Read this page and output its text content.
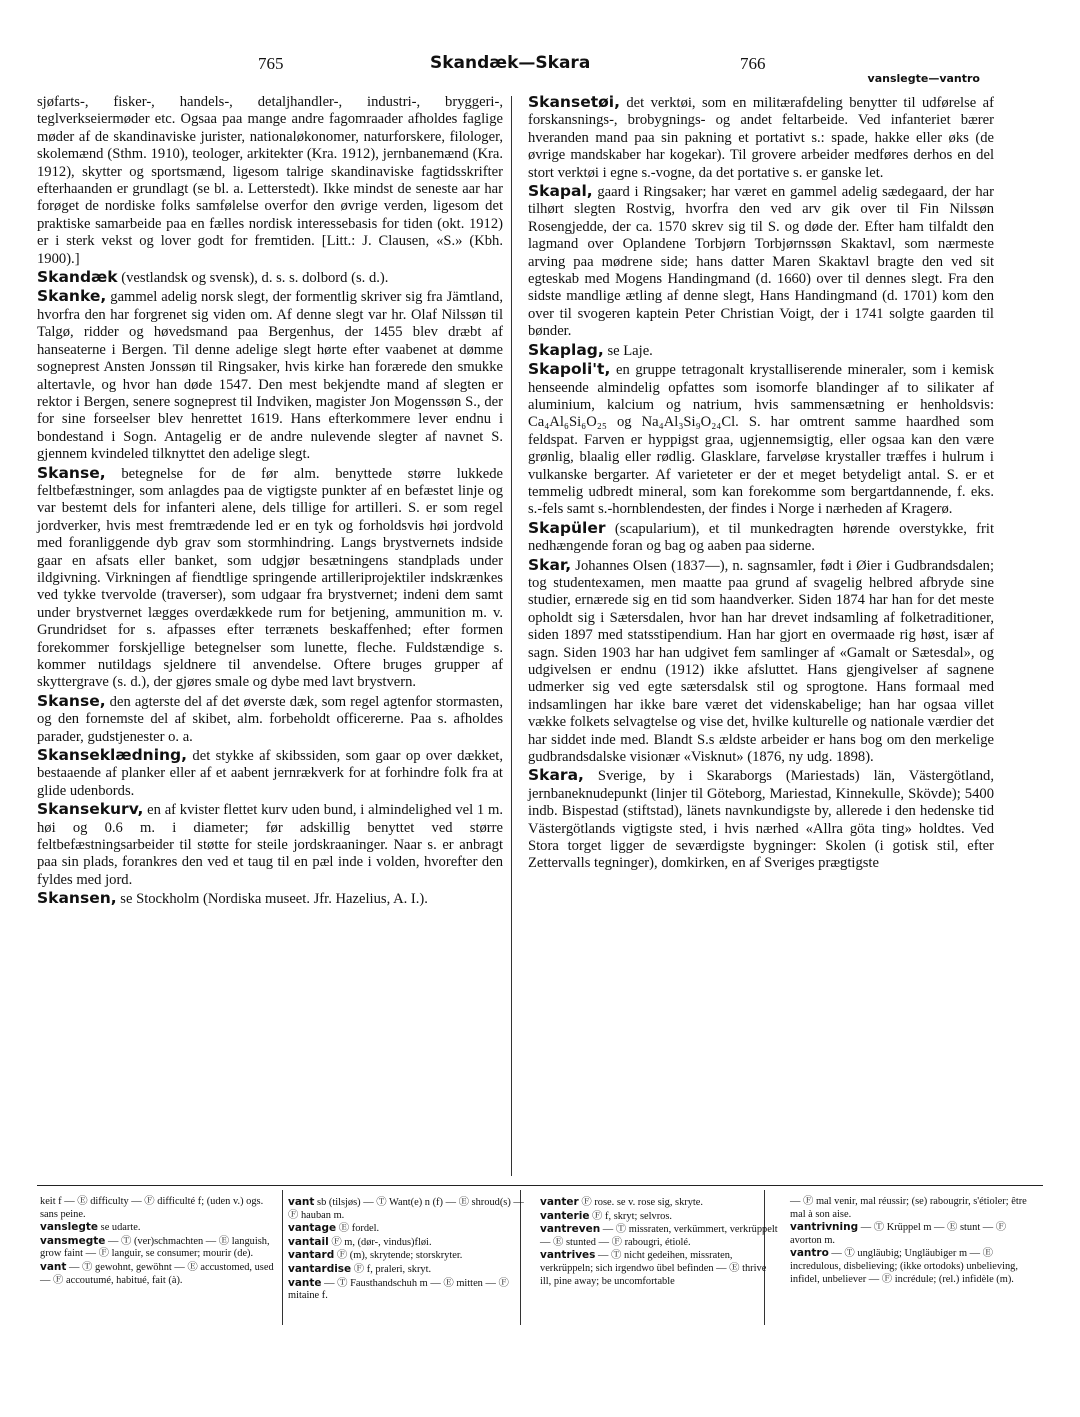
765	Skandæk—Skara	766
vanslegte—vantro

sjøfarts-, fisker-, handels-, detaljhandler-, industri-, bryggeri-, teglverkseiermøder etc. Ogsaa paa mange andre fagomraader afholdes faglige møder af de skandinaviske jurister, nationaløkonomer, naturforskere, filologer, skolemænd (Sthm. 1910), teologer, arkitekter (Kra. 1912), jernbanemænd (Kra. 1912), skytter og sportsmænd, ligesom talrige skandinaviske fagtidsskrifter efterhaanden er grundlagt (se bl. a. Letterstedt). Ikke mindst de seneste aar har forøget de nordiske folks samfølelse overfor den øvrige verden, ligesom det praktiske samarbeide paa en fælles nordisk interessebasis for tiden (okt. 1912) er i sterk vekst og lover godt for fremtiden. [Litt.: J. Clausen, «S.» (Kbh. 1900).]

Skandæk (vestlandsk og svensk), d. s. s. dolbord (s. d.).

Skanke, gammel adelig norsk slegt, der formentlig skriver sig fra Jämtland, hvorfra den har forgrenet sig viden om. Af denne slegt var hr. Olaf Nilssøn til Talgø, ridder og høvedsmand paa Bergenhus, der 1455 blev dræbt af hanseaterne i Bergen. Til denne adelige slegt hørte efter vaabenet at dømme sogneprest Ansten Jonssøn til Ringsaker, hvis kirke han forærede den smukke altertavle, og hvor han døde 1547. Den mest bekjendte mand af slegten er rektor i Bergen, senere sogneprest til Indviken, magister Jon Mogenssøn S., der for sine forseelser blev henrettet 1619. Hans efterkommere lever endnu i bondestand i Sogn. Antagelig er de andre nulevende slegter af navnet S. gjennem kvindeled tilknyttet den adelige slegt.

Skanse, betegnelse for de før alm. benyttede større lukkede feltbefæstninger, som anlagdes paa de vigtigste punkter af en befæstet linje og var bestemt dels for infanteri alene, dels tillige for artilleri. S. er som regel jordverker, hvis mest fremtrædende led er en tyk og forholdsvis høi jordvold med foranliggende dyb grav som stormhindring. Langs brystvernets indside gaar en afsats eller banket, som udgjør besætningens standplads under ildgivning. Virkningen af fiendtlige springende artilleriprojektiler indskrænkes ved tykke tvervolde (traverser), som udgaar fra brystvernet; indeni dem samt under brystvernet lægges overdækkede rum for betjening, ammunition m. v. Grundridset for s. afpasses efter terrænets beskaffenhed; efter formen forekommer forskjellige betegnelser som lunette, fleche. Fuldstændige s. kommer nutildags sjeldnere til anvendelse. Oftere bruges grupper af skyttergrave (s. d.), der gjøres smale og dybe med lavt brystvern.

Skanse, den agterste del af det øverste dæk, som regel agtenfor stormasten, og den fornemste del af skibet, alm. forbeholdt officererne. Paa s. afholdes parader, gudstjenester o. a.

Skanseklædning, det stykke af skibssiden, som gaar op over dækket, bestaaende af planker eller af et aabent jernrækverk for at forhindre folk fra at glide udenbords.

Skansekurv, en af kvister flettet kurv uden bund, i almindelighed vel 1 m. høi og 0.6 m. i diameter; før adskillig benyttet ved større feltbefæstningsarbeider til støtte for steile jordskraaninger. Naar s. er anbragt paa sin plads, forankres den ved et taug til en pæl inde i volden, hvorefter den fyldes med jord.

Skansen, se Stockholm (Nordiska museet. Jfr. Hazelius, A. I.).

Skansetøi, det verktøi, som en militærafdeling benytter til udførelse af forskansnings-, brobygnings- og andet feltarbeide. Ved infanteriet bærer hveranden mand paa sin pakning et portativt s.: spade, hakke eller øks (de øvrige mandskaber har kogekar). Til grovere arbeider medføres derhos en del stort verktøi i egne s.-vogne, da det portative s. er ganske let.

Skapal, gaard i Ringsaker; har været en gammel adelig sædegaard, der har tilhørt slegten Rostvig, hvorfra den ved arv gik over til Fin Nilssøn Rosengjedde, der ca. 1570 skrev sig til S. og døde der. Efter ham tilfaldt den lagmand over Oplandene Torbjørn Torbjørnssøn Skaktavl, som nærmeste arving paa mødrene side; hans datter Maren Skaktavl bragte den ved sit egteskab med Mogens Handingmand (d. 1660) over til dennes slegt. Fra den sidste mandlige ætling af denne slegt, Hans Handingmand (d. 1701) kom den over til svogeren kaptein Peter Christian Voigt, der i 1741 solgte gaarden til bønder.

Skaplag, se Laje.

Skapoli't, en gruppe tetragonalt krystalliserende mineraler, som i kemisk henseende almindelig opfattes som isomorfe blandinger af to silikater af aluminium, kalcium og natrium, hvis sammensætning er henholdsvis: Ca₄Al₆Si₆O₂₅ og Na₄Al₃Si₉O₂₄Cl. S. har omtrent samme haardhed som feldspat. Farven er hyppigst graa, ugjennemsigtig, eller ogsaa kan den være grønlig, blaalig eller rødlig. Glasklare, farveløse krystaller træffes i hulrum i vulkanske bergarter. Af varieteter er der et meget betydeligt antal. S. er et temmelig udbredt mineral, som kan forekomme som bergartdannende, f. eks. s.-fels samt s.-hornblendesten, der findes i Norge i nærheden af Kragerø.

Skapüler (scapularium), et til munkedragten hørende overstykke, frit nedhængende foran og bag og aaben paa siderne.

Skar, Johannes Olsen (1837—), n. sagnsamler, født i Øier i Gudbrandsdalen; tog studentexamen, men maatte paa grund af svagelig helbred afbryde sine studier, ernærede sig en tid som haandverker. Siden 1874 har han for det meste opholdt sig i Sætersdalen, hvor han har drevet indsamling af folketraditioner, siden 1897 med statsstipendium. Han har gjort en overmaade rig høst, især af sagn. Siden 1903 har han udgivet fem samlinger af «Gamalt or Sætesdal», og udgivelsen er endnu (1912) ikke afsluttet. Hans gjengivelser af sagnene udmerker sig ved egte sætersdalsk stil og sprogtone. Hans formaal med indsamlingen har ikke bare været det videnskabelige; han har ogsaa villet vække folkets selvagtelse og vise det, hvilke kulturelle og nationale værdier det har siddet inde med. Blandt S.s ældste arbeider er hans bog om den merkelige gudbrandsdalske visionær «Visknut» (1876, ny udg. 1898).

Skara, Sverige, by i Skaraborgs (Mariestads) län, Västergötland, jernbaneknudepunkt (linjer til Göteborg, Mariestad, Kinnekulle, Skövde); 5400 indb. Bispestad (stiftstad), länets navnkundigste by, allerede i den hedenske tid Västergötlands vigtigste sted, i hvis nærhed «Allra göta ting» holdtes. Ved Stora torget ligger de seværdigste bygninger: Skolen (i gotisk stil, efter Zettervalls tegninger), domkirken, en af Sveriges prægtigste

keit f — Ⓔ difficulty — Ⓕ difficulté f; (uden v.) ogs. sans peine.

vanslegte se udarte.

vansmegte — Ⓣ (ver)schmachten — Ⓔ languish, grow faint — Ⓕ languir, se consumer; mourir (de).

vant — Ⓣ gewohnt, gewöhnt — Ⓔ accustomed, used — Ⓕ accoutumé, habitué, fait (à).

vant sb (tilsjøs) — Ⓣ Want(e) n (f) — Ⓔ shroud(s) — Ⓕ hauban m.

vantage Ⓔ fordel.

vantail Ⓕ m, (dør-, vindus)fløi.

vantard Ⓕ (m), skrytende; storskryter.

vantardise Ⓕ f, praleri, skryt.

vante — Ⓣ Fausthandschuh m — Ⓔ mitten — Ⓕ mitaine f.

vanter Ⓕ rose. se v. rose sig, skryte.

vanterie Ⓕ f, skryt; selvros.

vantreven — Ⓣ missraten, verkümmert, verkrüppelt — Ⓔ stunted — Ⓕ rabougri, étiolé.

vantrives — Ⓣ nicht gedeihen, missraten, verkrüppeln; sich irgendwo übel befinden — Ⓔ thrive ill, pine away; be uncomfortable

— Ⓕ mal venir, mal réussir; (se) rabougrir, s'étioler; être mal à son aise.

vantrivning — Ⓣ Krüppel m — Ⓔ stunt — Ⓕ avorton m.

vantro — Ⓣ ungläubig; Ungläubiger m — Ⓔ incredulous, disbelieving; (ikke ortodoks) unbelieving, infidel, unbeliever — Ⓕ incrédule; (rel.) infidèle (m).
